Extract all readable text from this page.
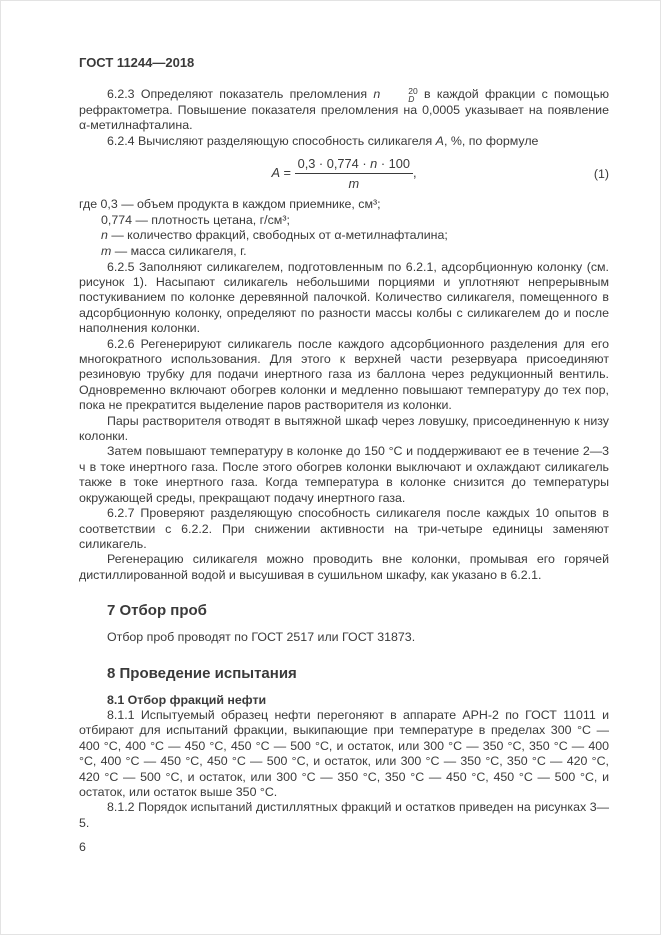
ГОСТ 11244—2018

6.2.3 Определяют показатель преломления n	20
D в каждой фракции с помощью рефрактометра. Повышение показателя преломления на 0,0005 указывает на появление α-метилнафталина.

6.2.4 Вычисляют разделяющую способность силикагеля A, %, по формуле

$A = \frac{0,3 \cdot 0,774 \cdot n \cdot 100}{m}$ ,	(1)
где 0,3 — объем продукта в каждом приемнике, см³;
0,774 — плотность цетана, г/см³;
n — количество фракций, свободных от α-метилнафталина;
m — масса силикагеля, г.

6.2.5 Заполняют силикагелем, подготовленным по 6.2.1, адсорбционную колонку (см. рисунок 1). Насыпают силикагель небольшими порциями и уплотняют непрерывным постукиванием по колонке деревянной палочкой. Количество силикагеля, помещенного в адсорбционную колонку, определяют по разности массы колбы с силикагелем до и после наполнения колонки.

6.2.6 Регенерируют силикагель после каждого адсорбционного разделения для его многократного использования. Для этого к верхней части резервуара присоединяют резиновую трубку для подачи инертного газа из баллона через редукционный вентиль. Одновременно включают обогрев колонки и медленно повышают температуру до тех пор, пока не прекратится выделение паров растворителя из колонки.

Пары растворителя отводят в вытяжной шкаф через ловушку, присоединенную к низу колонки.

Затем повышают температуру в колонке до 150 °С и поддерживают ее в течение 2—3 ч в токе инертного газа. После этого обогрев колонки выключают и охлаждают силикагель также в токе инертного газа. Когда температура в колонке снизится до температуры окружающей среды, прекращают подачу инертного газа.

6.2.7 Проверяют разделяющую способность силикагеля после каждых 10 опытов в соответствии с 6.2.2. При снижении активности на три-четыре единицы заменяют силикагель.

Регенерацию силикагеля можно проводить вне колонки, промывая его горячей дистиллированной водой и высушивая в сушильном шкафу, как указано в 6.2.1.

7 Отбор проб

Отбор проб проводят по ГОСТ 2517 или ГОСТ 31873.

8 Проведение испытания
8.1 Отбор фракций нефти

8.1.1 Испытуемый образец нефти перегоняют в аппарате АРН-2 по ГОСТ 11011 и отбирают для испытаний фракции, выкипающие при температуре в пределах 300 °С — 400 °С, 400 °С — 450 °С, 450 °С — 500 °С, и остаток, или 300 °С — 350 °С, 350 °С — 400 °С, 400 °С — 450 °С, 450 °С — 500 °С, и остаток, или 300 °С — 350 °С, 350 °С — 420 °С, 420 °С — 500 °С, и остаток, или 300 °С — 350 °С, 350 °С — 450 °С, 450 °С — 500 °С, и остаток, или остаток выше 350 °С.

8.1.2 Порядок испытаний дистиллятных фракций и остатков приведен на рисунках 3—5.

6
